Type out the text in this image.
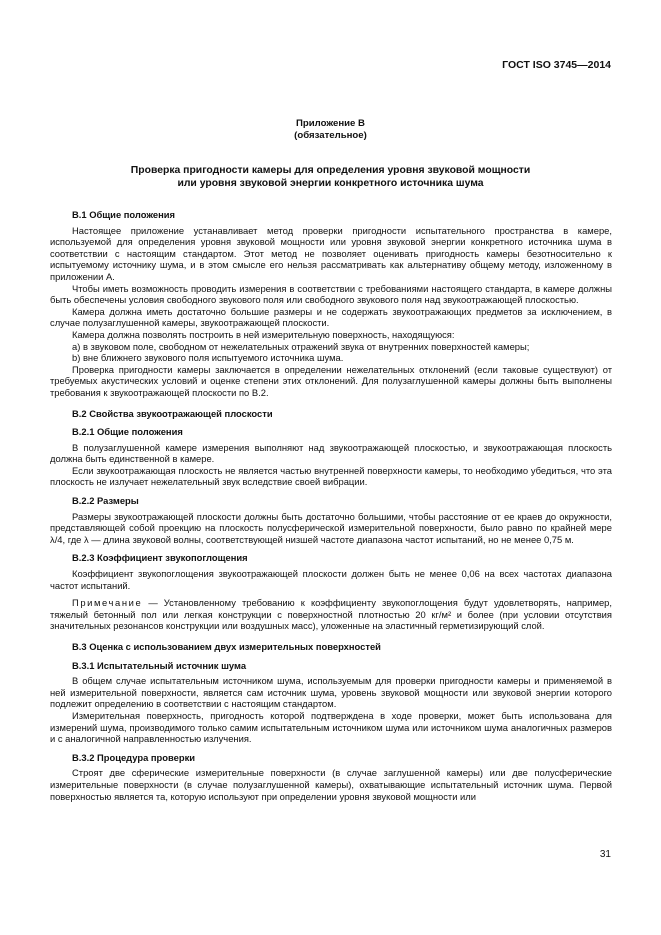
ГОСТ ISO 3745—2014
Приложение В
(обязательное)
Проверка пригодности камеры для определения уровня звуковой мощности
или уровня звуковой энергии конкретного источника шума
В.1 Общие положения

Настоящее приложение устанавливает метод проверки пригодности испытательного пространства в камере, используемой для определения уровня звуковой мощности или уровня звуковой энергии конкретного источника шума в соответствии с настоящим стандартом. Этот метод не позволяет оценивать пригодность камеры безотносительно к испытуемому источнику шума, и в этом смысле его нельзя рассматривать как альтернативу общему методу, изложенному в приложении А.

Чтобы иметь возможность проводить измерения в соответствии с требованиями настоящего стандарта, в камере должны быть обеспечены условия свободного звукового поля или свободного звукового поля над звукоотражающей плоскостью.

Камера должна иметь достаточно большие размеры и не содержать звукоотражающих предметов за исключением, в случае полузаглушенной камеры, звукоотражающей плоскости.

Камера должна позволять построить в ней измерительную поверхность, находящуюся:

а) в звуковом поле, свободном от нежелательных отражений звука от внутренних поверхностей камеры;

b) вне ближнего звукового поля испытуемого источника шума.

Проверка пригодности камеры заключается в определении нежелательных отклонений (если таковые существуют) от требуемых акустических условий и оценке степени этих отклонений. Для полузаглушенной камеры должны быть выполнены требования к звукоотражающей плоскости по В.2.

В.2 Свойства звукоотражающей плоскости
В.2.1 Общие положения

В полузаглушенной камере измерения выполняют над звукоотражающей плоскостью, и звукоотражающая плоскость должна быть единственной в камере.

Если звукоотражающая плоскость не является частью внутренней поверхности камеры, то необходимо убедиться, что эта плоскость не излучает нежелательный звук вследствие своей вибрации.

В.2.2 Размеры

Размеры звукоотражающей плоскости должны быть достаточно большими, чтобы расстояние от ее краев до окружности, представляющей собой проекцию на плоскость полусферической измерительной поверхности, было равно по крайней мере λ/4, где λ — длина звуковой волны, соответствующей низшей частоте диапазона частот испытаний, но не менее 0,75 м.

В.2.3 Коэффициент звукопоглощения

Коэффициент звукопоглощения звукоотражающей плоскости должен быть не менее 0,06 на всех частотах диапазона частот испытаний.

Примечание — Установленному требованию к коэффициенту звукопоглощения будут удовлетворять, например, тяжелый бетонный пол или легкая конструкции с поверхностной плотностью 20 кг/м² и более (при условии отсутствия значительных резонансов конструкции или воздушных масс), уложенные на эластичный герметизирующий слой.

В.3 Оценка с использованием двух измерительных поверхностей
В.3.1 Испытательный источник шума

В общем случае испытательным источником шума, используемым для проверки пригодности камеры и применяемой в ней измерительной поверхности, является сам источник шума, уровень звуковой мощности или звуковой энергии которого подлежит определению в соответствии с настоящим стандартом.

Измерительная поверхность, пригодность которой подтверждена в ходе проверки, может быть использована для измерений шума, производимого только самим испытательным источником шума или источником шума аналогичных размеров и с аналогичной направленностью излучения.

В.3.2 Процедура проверки

Строят две сферические измерительные поверхности (в случае заглушенной камеры) или две полусферические измерительные поверхности (в случае полузаглушенной камеры), охватывающие испытательный источник шума. Первой поверхностью является та, которую используют при определении уровня звуковой мощности или

31
